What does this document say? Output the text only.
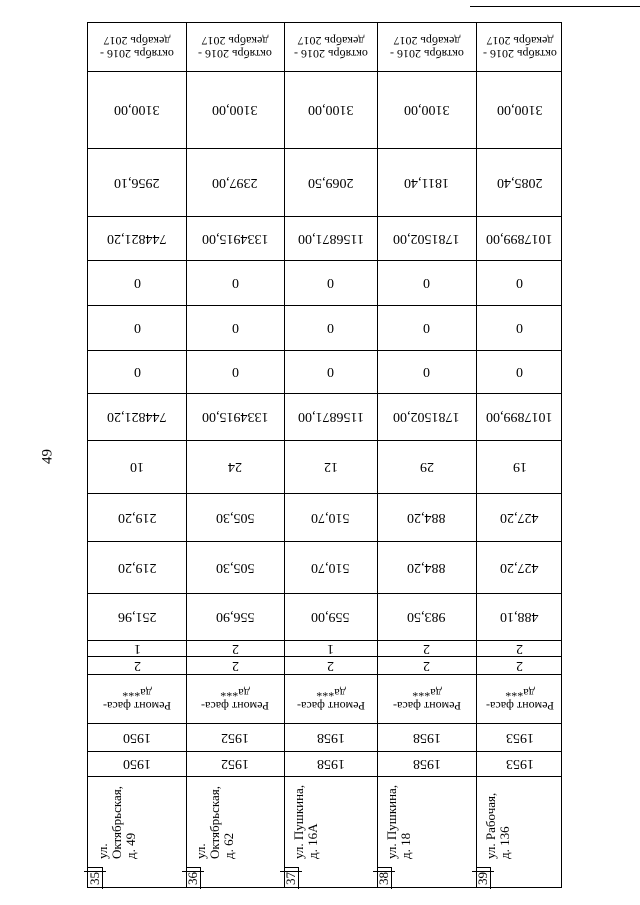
49
октябрь 2016 -
декабрь 2017
3100,00
2956,10
744821,20
0
0
0
744821,20
10
219,20
219,20
251,96
1
2
Ремонт фаса-
да***
1950
1950
35
ул. Октябрьская, д. 49
октябрь 2016 -
декабрь 2017
3100,00
2397,00
1334915,00
0
0
0
1334915,00
24
505,30
505,30
556,90
2
2
Ремонт фаса-
да***
1952
1952
36
ул. Октябрьская, д. 62
октябрь 2016 -
декабрь 2017
3100,00
2069,50
1156871,00
0
0
0
1156871,00
12
510,70
510,70
559,00
1
2
Ремонт фаса-
да***
1958
1958
37
ул. Пушкина, д. 16А
октябрь 2016 -
декабрь 2017
3100,00
1811,40
1781502,00
0
0
0
1781502,00
29
884,20
884,20
983,50
2
2
Ремонт фаса-
да***
1958
1958
38
ул. Пушкина, д. 18
октябрь 2016 -
декабрь 2017
3100,00
2085,40
1017899,00
0
0
0
1017899,00
19
427,20
427,20
488,10
2
2
Ремонт фаса-
да***
1953
1953
39
ул. Рабочая, д. 136
